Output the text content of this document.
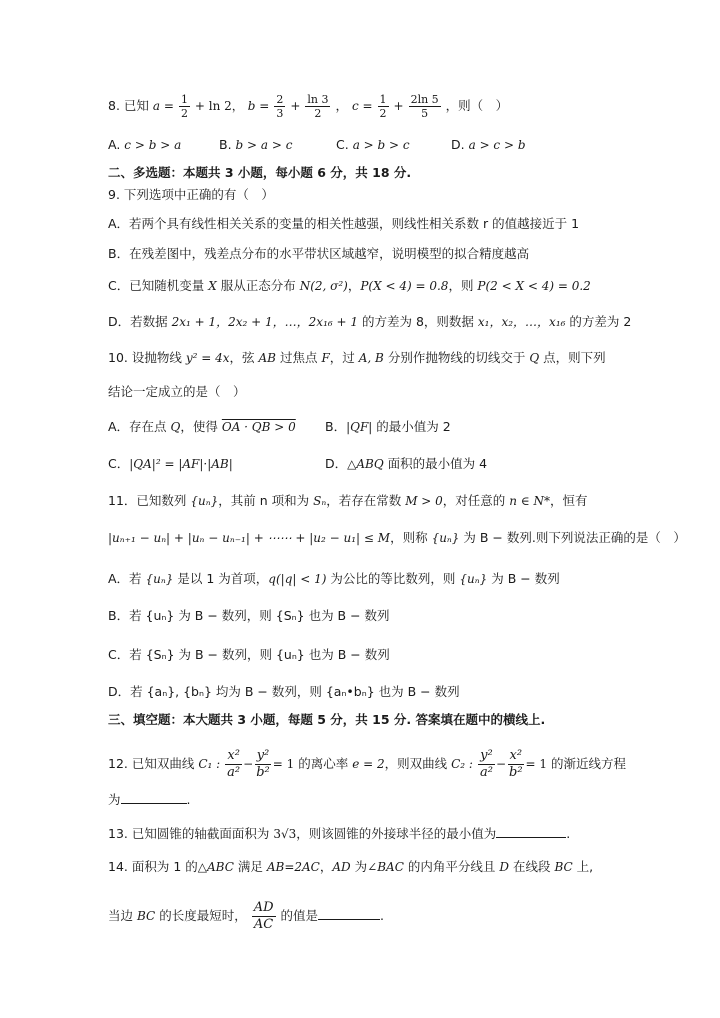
8. 已知 $a = \frac{1}{2} + \ln 2$， $b = \frac{2}{3} + \frac{\ln 3}{2}$ ， $c = \frac{1}{2} + \frac{2\ln 5}{5}$ ，则（　）
A. c > b > a	B. b > a > c	C. a > b > c	D. a > c > b
二、多选题：本题共 3 小题，每小题 6 分，共 18 分.
9. 下列选项中正确的有（　）
A．若两个具有线性相关关系的变量的相关性越强，则线性相关系数 r 的值越接近于 1
B．在残差图中，残差点分布的水平带状区域越窄，说明模型的拟合精度越高
C．已知随机变量 X 服从正态分布 N(2, σ²)，P(X < 4) = 0.8，则 P(2 < X < 4) = 0.2
D．若数据 2x₁ + 1，2x₂ + 1，…，2x₁₆ + 1 的方差为 8，则数据 x₁，x₂，…，x₁₆ 的方差为 2
10. 设抛物线 y² = 4x，弦 AB 过焦点 F，过 A, B 分别作抛物线的切线交于 Q 点，则下列
结论一定成立的是（　）
A．存在点 Q，使得 OA · QB > 0 B．|QF| 的最小值为 2
C．|QA|² = |AF|·|AB|	D．△ABQ 面积的最小值为 4
11．已知数列 {uₙ}，其前 n 项和为 Sₙ，若存在常数 M > 0，对任意的 n ∈ N*，恒有
|uₙ₊₁ − uₙ| + |uₙ − uₙ₋₁| + ⋯⋯ + |u₂ − u₁| ≤ M，则称 {uₙ} 为 B − 数列.则下列说法正确的是（　）
A．若 {uₙ} 是以 1 为首项，q(|q| < 1) 为公比的等比数列，则 {uₙ} 为 B − 数列
B．若 {uₙ} 为 B − 数列，则 {Sₙ} 也为 B − 数列
C．若 {Sₙ} 为 B − 数列，则 {uₙ} 也为 B − 数列
D．若 {aₙ}, {bₙ} 均为 B − 数列，则 {aₙ•bₙ} 也为 B − 数列
三、填空题：本大题共 3 小题，每题 5 分，共 15 分. 答案填在题中的横线上.
12. 已知双曲线 C₁ : $\frac{\text{x²}}{\text{a²}} - \frac{\text{y²}}{\text{b²}} = 1$ 的离心率 e = 2，则双曲线 C₂ : $\frac{\text{y²}}{\text{a²}} - \frac{\text{x²}}{\text{b²}} = 1$ 的渐近线方程
为	.
13. 已知圆锥的轴截面面积为 3√3，则该圆锥的外接球半径的最小值为	.
14. 面积为 1 的△ABC 满足 AB=2AC，AD 为∠BAC 的内角平分线且 D 在线段 BC 上,
当边 BC 的长度最短时， $\frac{AD}{AC}$ 的值是	.
